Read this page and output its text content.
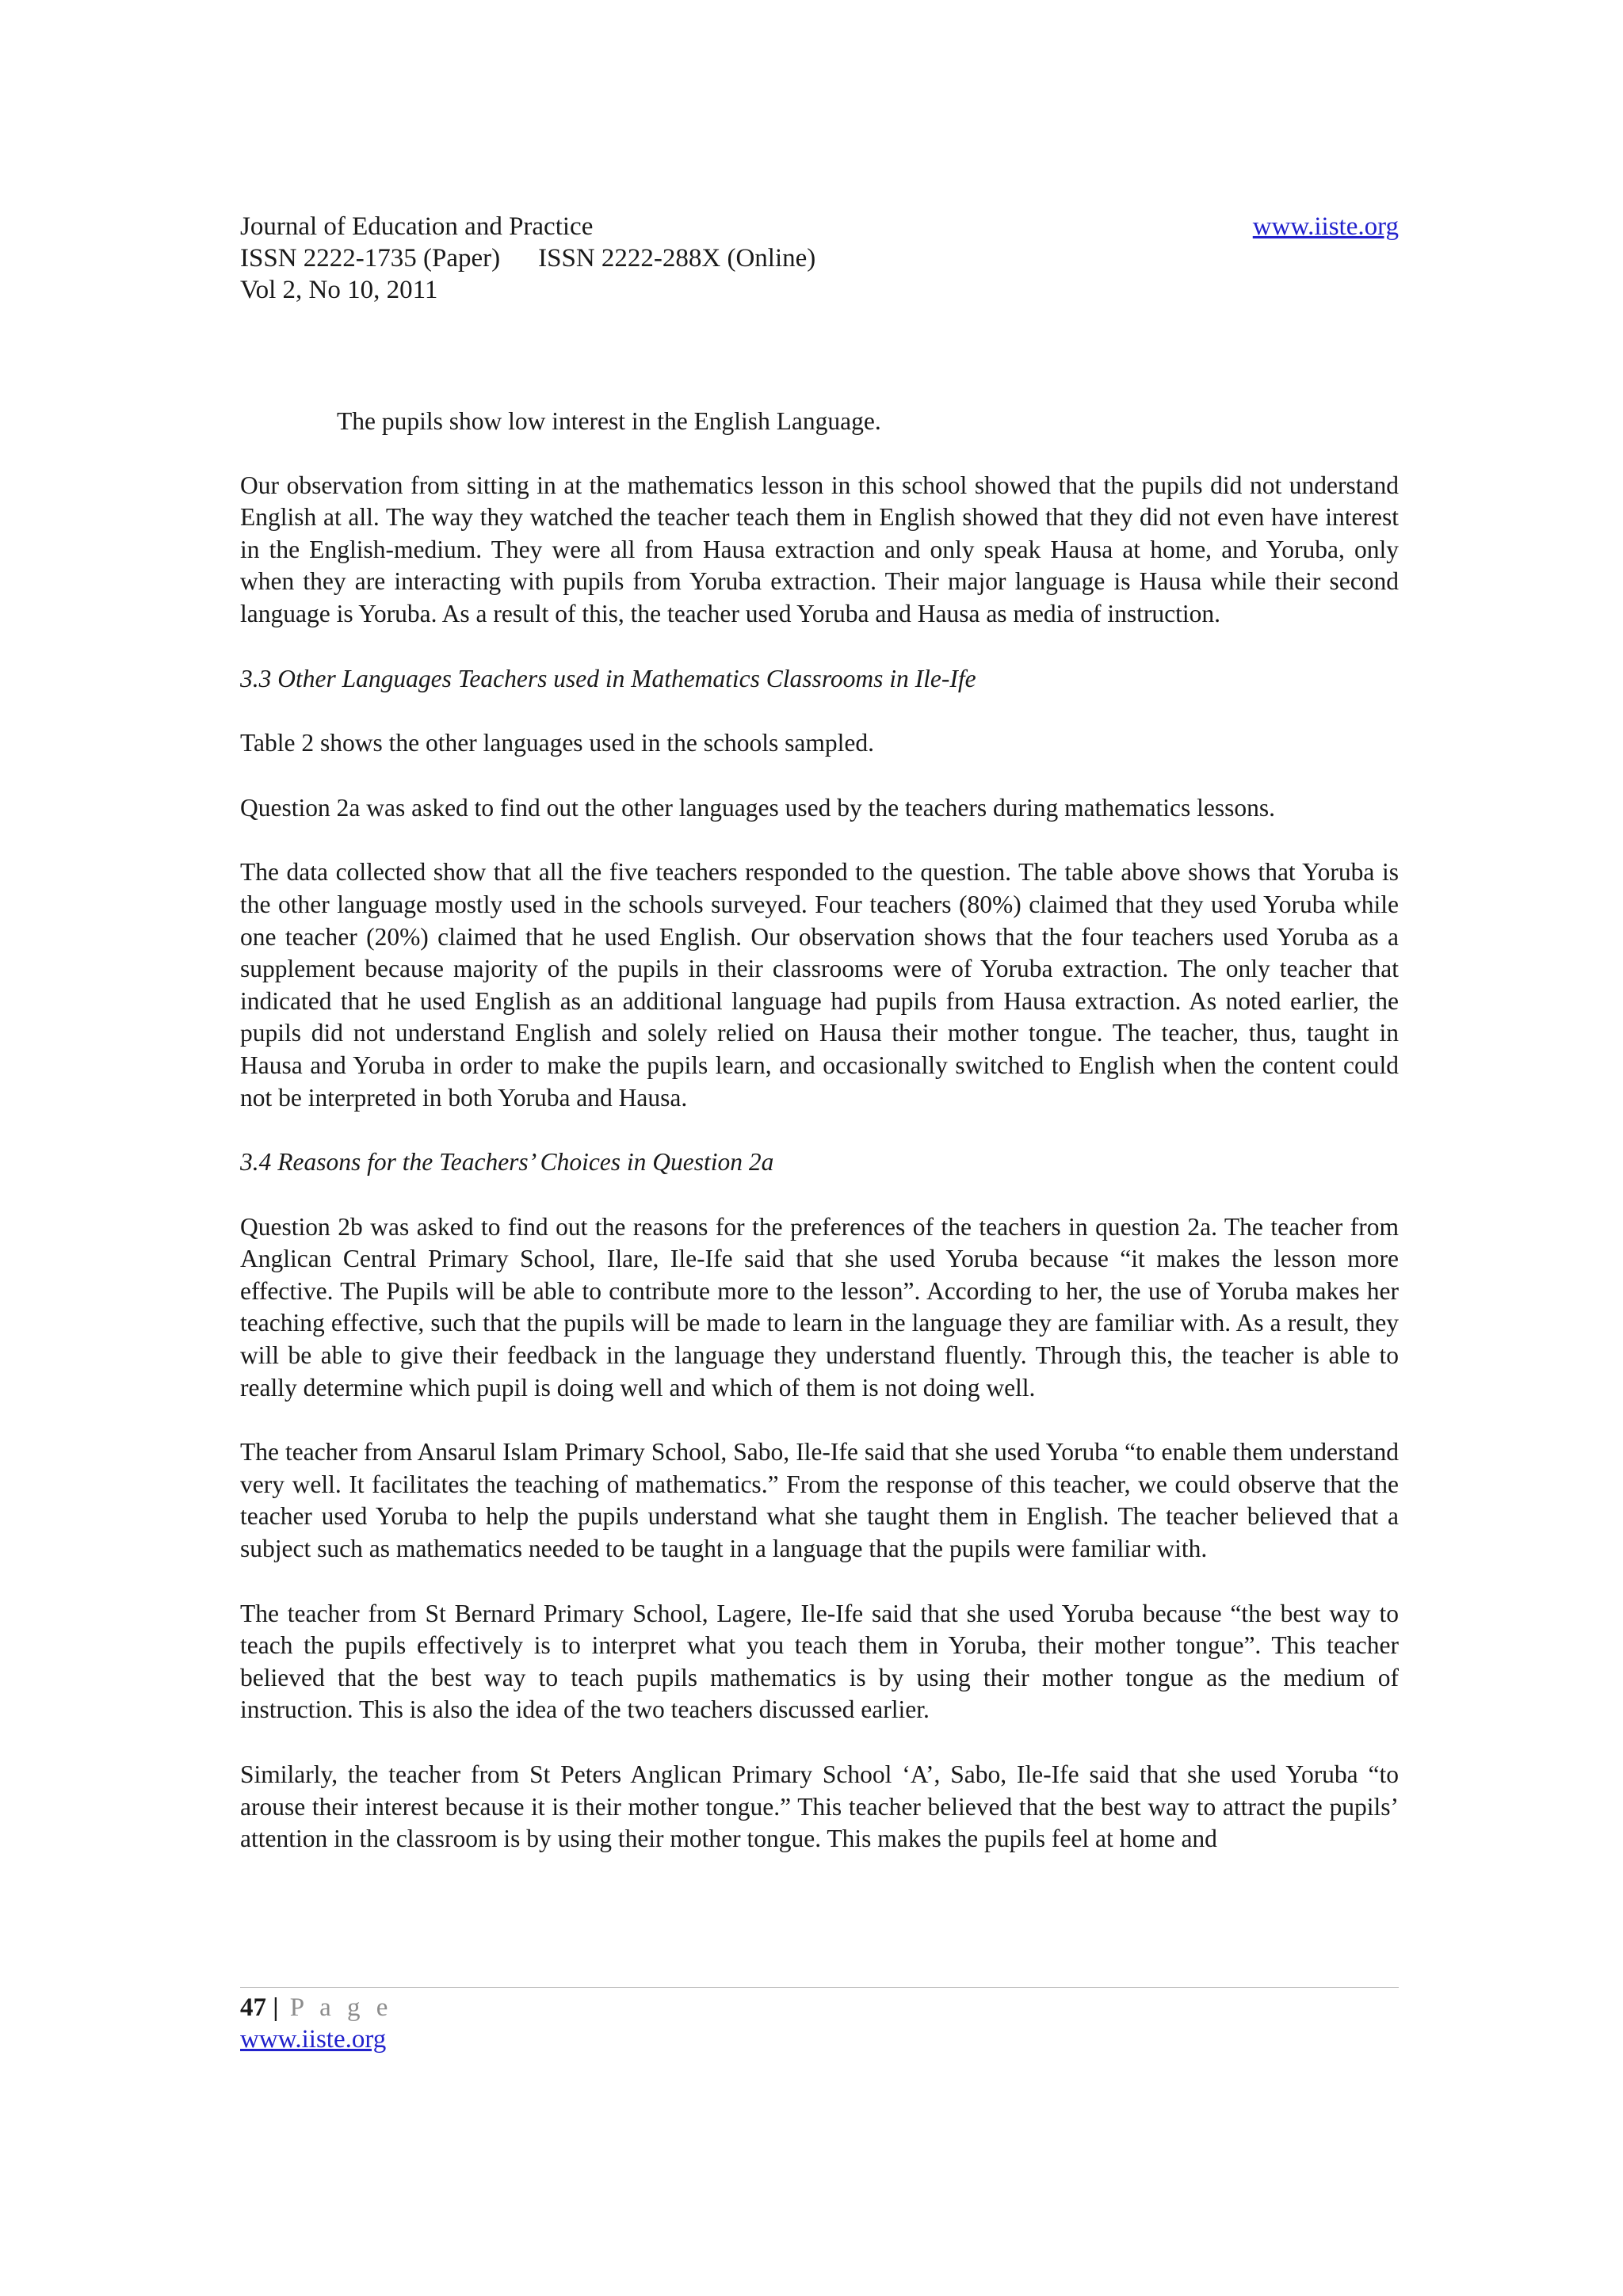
Journal of Education and Practice	www.iiste.org
ISSN 2222-1735 (Paper) ISSN 2222-288X (Online)
Vol 2, No 10, 2011

The pupils show low interest in the English Language.

Our observation from sitting in at the mathematics lesson in this school showed that the pupils did not understand English at all. The way they watched the teacher teach them in English showed that they did not even have interest in the English-medium. They were all from Hausa extraction and only speak Hausa at home, and Yoruba, only when they are interacting with pupils from Yoruba extraction. Their major language is Hausa while their second language is Yoruba. As a result of this, the teacher used Yoruba and Hausa as media of instruction.

3.3 Other Languages Teachers used in Mathematics Classrooms in Ile-Ife

Table 2 shows the other languages used in the schools sampled.

Question 2a was asked to find out the other languages used by the teachers during mathematics lessons.

The data collected show that all the five teachers responded to the question. The table above shows that Yoruba is the other language mostly used in the schools surveyed. Four teachers (80%) claimed that they used Yoruba while one teacher (20%) claimed that he used English. Our observation shows that the four teachers used Yoruba as a supplement because majority of the pupils in their classrooms were of Yoruba extraction. The only teacher that indicated that he used English as an additional language had pupils from Hausa extraction. As noted earlier, the pupils did not understand English and solely relied on Hausa their mother tongue. The teacher, thus, taught in Hausa and Yoruba in order to make the pupils learn, and occasionally switched to English when the content could not be interpreted in both Yoruba and Hausa.

3.4 Reasons for the Teachers’ Choices in Question 2a

Question 2b was asked to find out the reasons for the preferences of the teachers in question 2a. The teacher from Anglican Central Primary School, Ilare, Ile-Ife said that she used Yoruba because “it makes the lesson more effective. The Pupils will be able to contribute more to the lesson”. According to her, the use of Yoruba makes her teaching effective, such that the pupils will be made to learn in the language they are familiar with. As a result, they will be able to give their feedback in the language they understand fluently. Through this, the teacher is able to really determine which pupil is doing well and which of them is not doing well.

The teacher from Ansarul Islam Primary School, Sabo, Ile-Ife said that she used Yoruba “to enable them understand very well. It facilitates the teaching of mathematics.” From the response of this teacher, we could observe that the teacher used Yoruba to help the pupils understand what she taught them in English. The teacher believed that a subject such as mathematics needed to be taught in a language that the pupils were familiar with.

The teacher from St Bernard Primary School, Lagere, Ile-Ife said that she used Yoruba because “the best way to teach the pupils effectively is to interpret what you teach them in Yoruba, their mother tongue”. This teacher believed that the best way to teach pupils mathematics is by using their mother tongue as the medium of instruction. This is also the idea of the two teachers discussed earlier.

Similarly, the teacher from St Peters Anglican Primary School ‘A’, Sabo, Ile-Ife said that she used Yoruba “to arouse their interest because it is their mother tongue.” This teacher believed that the best way to attract the pupils’ attention in the classroom is by using their mother tongue. This makes the pupils feel at home and

47 | P a g e
www.iiste.org
